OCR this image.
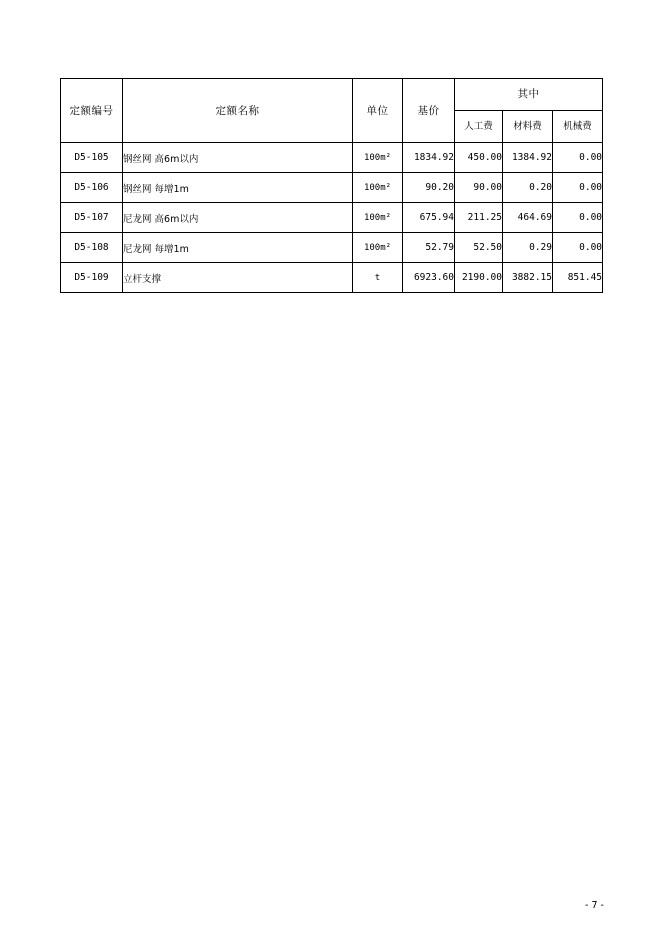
定额编号	定额名称	单位	基价	其中		
				人工费	材料费	机械费
D5-105	钢丝网 高6m以内	100m²	1834.92	450.00	1384.92	0.00
D5-106	钢丝网 每增1m	100m²	90.20	90.00	0.20	0.00
D5-107	尼龙网 高6m以内	100m²	675.94	211.25	464.69	0.00
D5-108	尼龙网 每增1m	100m²	52.79	52.50	0.29	0.00
D5-109	立杆支撑	t	6923.60	2190.00	3882.15	851.45
- 7 -
